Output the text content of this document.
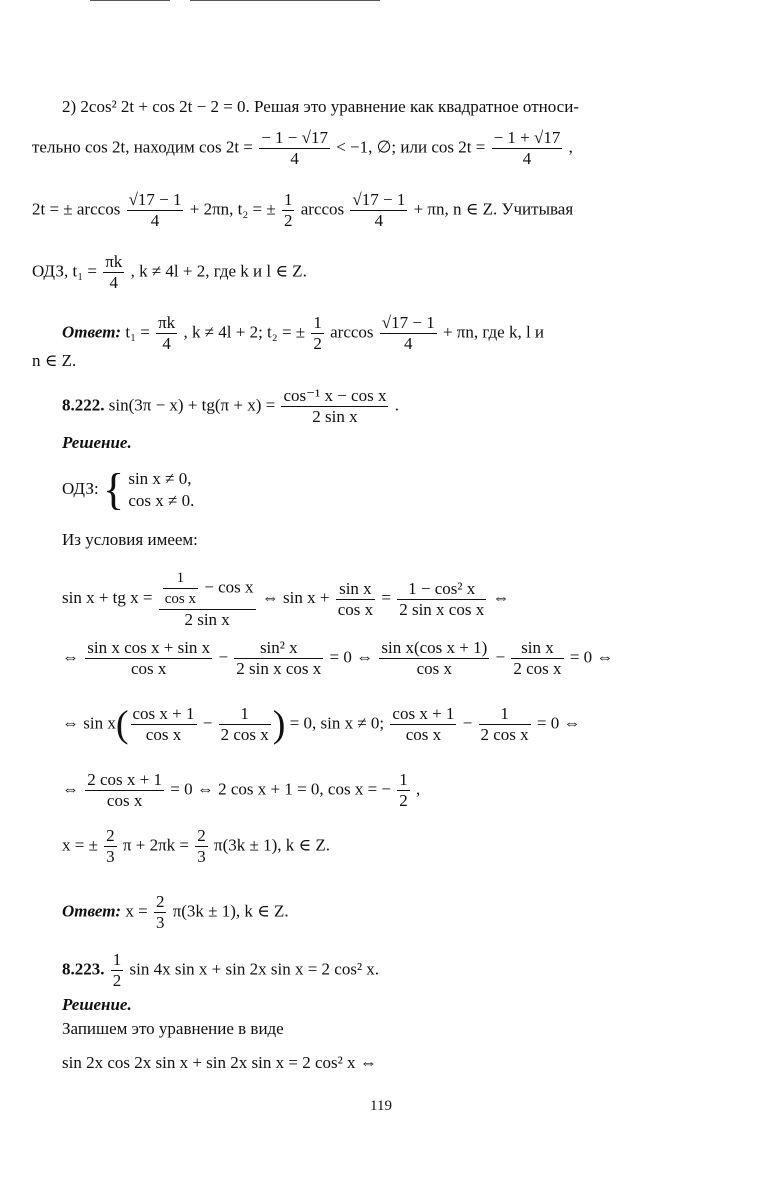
2) 2cos² 2t + cos 2t − 2 = 0. Решая это уравнение как квадратное относи-
тельно cos 2t, находим $\cos 2t = \frac{- 1 - √17}{4} < -1$, ∅; или $\cos 2t = \frac{- 1 + √17}{4}$ ,
2t = ± $\arccos \frac{√17 - 1}{4} + 2\pi n$, t₂ = ± $\frac{1}{2}$ $\arccos \frac{√17 - 1}{4} + \pi n$, n ∈ Z. Учитывая
ОДЗ, $t_1 = \frac{\pi k}{4}$ , k ≠ 4l + 2, где k и l ∈ Z.
Ответ: $t_1 = \frac{\pi k}{4}$ , k ≠ 4l + 2; t₂ = ± $\frac{1}{2}$ $\arccos \frac{√17 - 1}{4} + \pi n$, где k, l и
n ∈ Z.
8.222. $\sin(3\pi - x) + tg(\pi + x) = \frac{\text{cos⁻¹ x − cos x}}{\text{2 sin x}}$ .
Решение.
ОДЗ: { sin x ≠ 0,
cos x ≠ 0.
Из условия имеем:
sin x + tg $x = \frac{\frac{1}{\text{cos x}} - \cos x}{\text{2 sin x}}$ ⇔ $\sin x + \frac{\text{sin x}}{\text{cos x}} = \frac{\text{1 − cos² x}}{\text{2 sin x cos x}}$ ⇔
⇔ $\frac{\text{sin x cos x + sin x}}{\text{cos x}} - \frac{\text{sin² x}}{\text{2 sin x cos x}} = 0$ ⇔ $\frac{\text{sin x(cos x + 1)}}{\text{cos x}} - \frac{\text{sin x}}{\text{2 cos x}} = 0$ ⇔
⇔ $\sin x( \frac{\text{cos x + 1}}{\text{cos x}} - \frac{1}{\text{2 cos x}}$ ) = 0, sin x ≠ 0; $\frac{\text{cos x + 1}}{\text{cos x}} - \frac{1}{\text{2 cos x}} = 0$ ⇔
⇔ $\frac{\text{2 cos x + 1}}{\text{cos x}} = 0$ ⇔ 2 cos x + 1 = 0, cos x = − $\frac{1}{2}$ ,
x = ± $\frac{2}{3}$ $\pi + 2\pi k = \frac{2}{3} \pi(3k \pm 1)$, k ∈ Z.
Ответ: $x = \frac{2}{3} \pi(3k \pm 1)$, k ∈ Z.
8.223. $\frac{1}{2}$ sin 4x sin x + sin 2x sin x = 2 cos² x.
Решение.
Запишем это уравнение в виде
sin 2x cos 2x sin x + sin 2x sin x = 2 cos² x ⇔
119
